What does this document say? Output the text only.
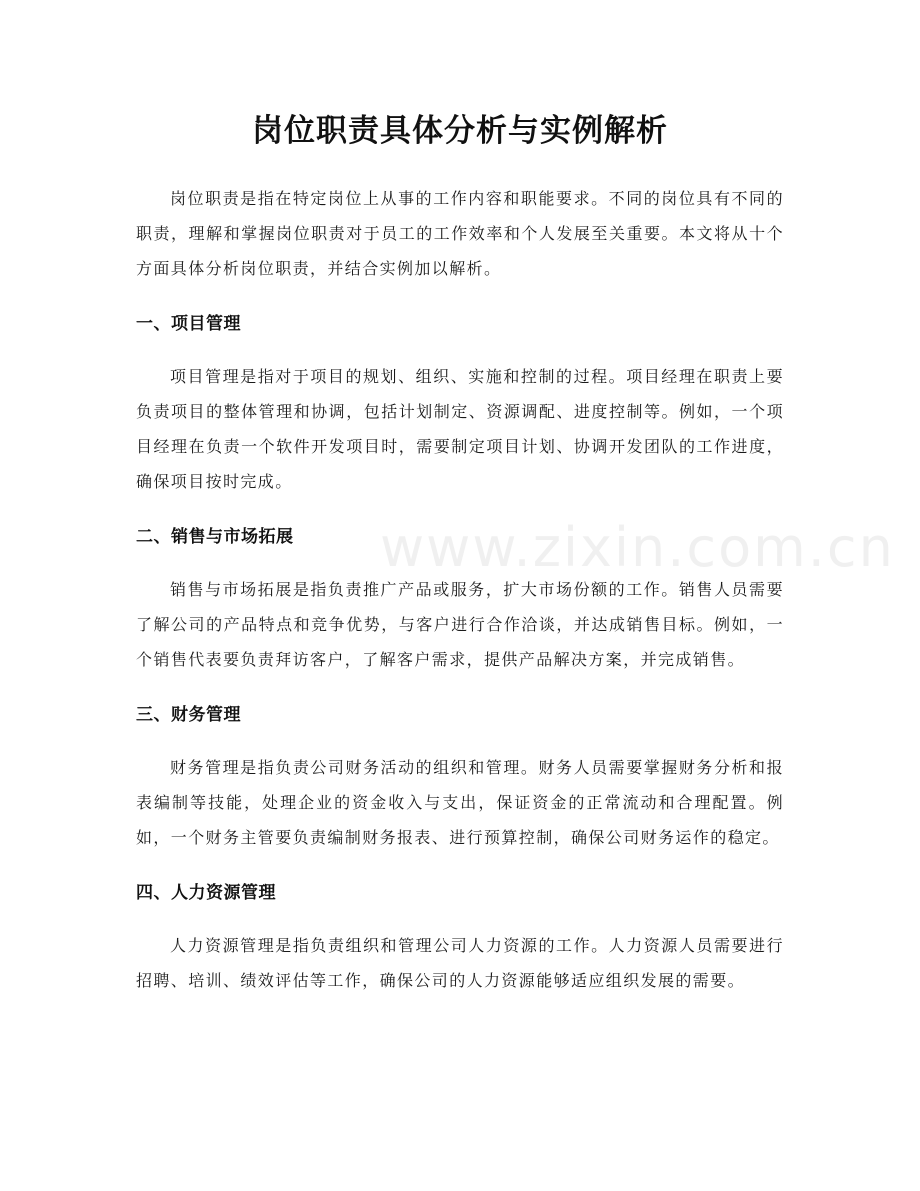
www.zixin.com.cn
岗位职责具体分析与实例解析

岗位职责是指在特定岗位上从事的工作内容和职能要求。不同的岗位具有不同的职责，理解和掌握岗位职责对于员工的工作效率和个人发展至关重要。本文将从十个方面具体分析岗位职责，并结合实例加以解析。

一、项目管理

项目管理是指对于项目的规划、组织、实施和控制的过程。项目经理在职责上要负责项目的整体管理和协调，包括计划制定、资源调配、进度控制等。例如，一个项目经理在负责一个软件开发项目时，需要制定项目计划、协调开发团队的工作进度，确保项目按时完成。

二、销售与市场拓展

销售与市场拓展是指负责推广产品或服务，扩大市场份额的工作。销售人员需要了解公司的产品特点和竞争优势，与客户进行合作洽谈，并达成销售目标。例如，一个销售代表要负责拜访客户，了解客户需求，提供产品解决方案，并完成销售。

三、财务管理

财务管理是指负责公司财务活动的组织和管理。财务人员需要掌握财务分析和报表编制等技能，处理企业的资金收入与支出，保证资金的正常流动和合理配置。例如，一个财务主管要负责编制财务报表、进行预算控制，确保公司财务运作的稳定。

四、人力资源管理

人力资源管理是指负责组织和管理公司人力资源的工作。人力资源人员需要进行招聘、培训、绩效评估等工作，确保公司的人力资源能够适应组织发展的需要。
